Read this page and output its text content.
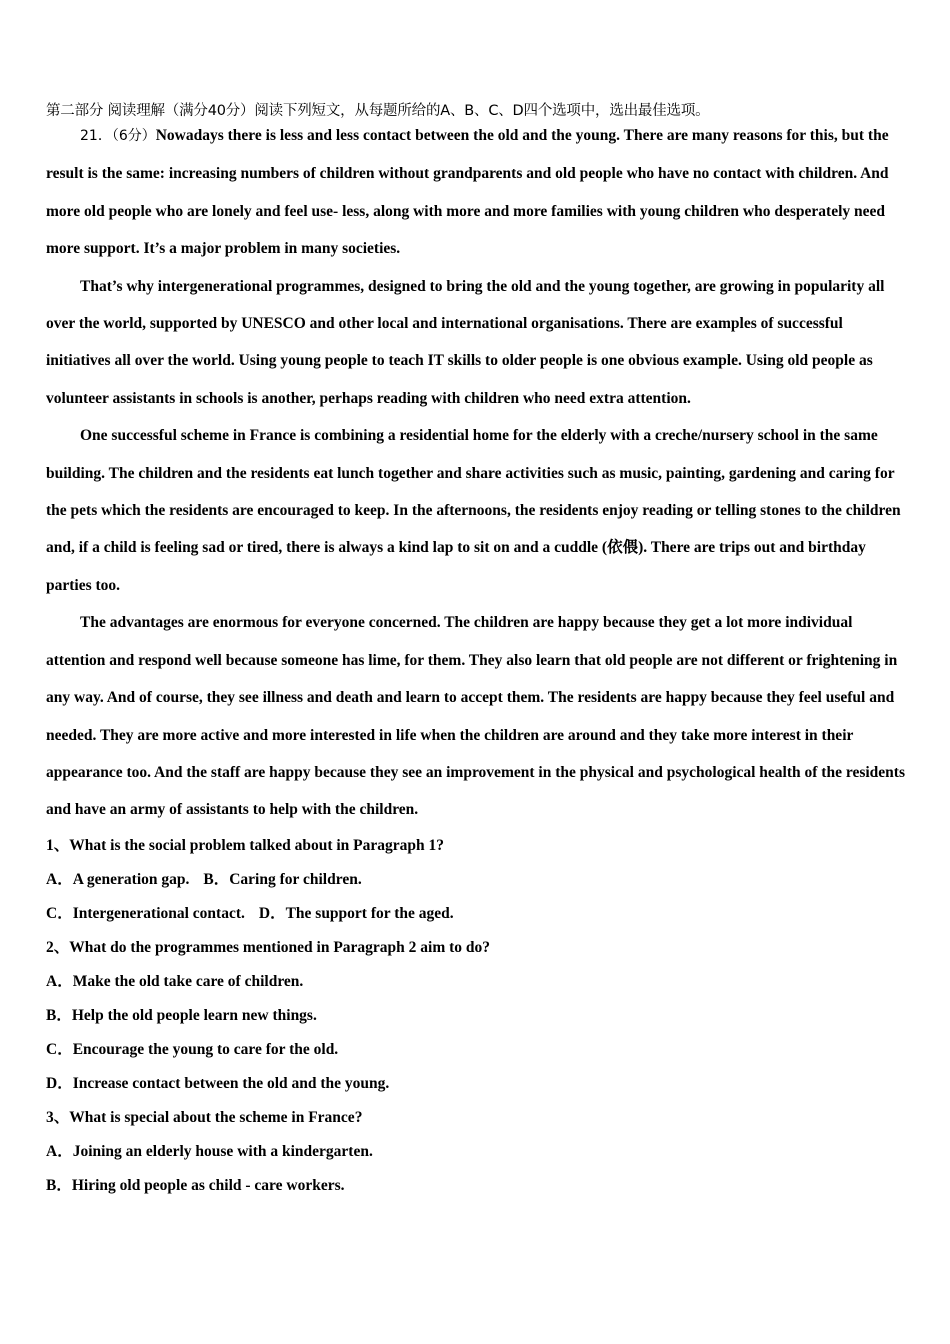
第二部分 阅读理解（满分40分）阅读下列短文，从每题所给的A、B、C、D四个选项中，选出最佳选项。

21．（6分）Nowadays there is less and less contact between the old and the young. There are many reasons for this, but the result is the same: increasing numbers of children without grandparents and old people who have no contact with children. And more old people who are lonely and feel use- less, along with more and more families with young children who desperately need more support. It’s a major problem in many societies.

That’s why intergenerational programmes, designed to bring the old and the young together, are growing in popularity all over the world, supported by UNESCO and other local and international organisations. There are examples of successful initiatives all over the world. Using young people to teach IT skills to older people is one obvious example. Using old people as volunteer assistants in schools is another, perhaps reading with children who need extra attention.

One successful scheme in France is combining a residential home for the elderly with a creche/nursery school in the same building. The children and the residents eat lunch together and share activities such as music, painting, gardening and caring for the pets which the residents are encouraged to keep. In the afternoons, the residents enjoy reading or telling stones to the children and, if a child is feeling sad or tired, there is always a kind lap to sit on and a cuddle (依偎). There are trips out and birthday parties too.

The advantages are enormous for everyone concerned. The children are happy because they get a lot more individual attention and respond well because someone has lime, for them. They also learn that old people are not different or frightening in any way. And of course, they see illness and death and learn to accept them. The residents are happy because they feel useful and needed. They are more active and more interested in life when the children are around and they take more interest in their appearance too. And the staff are happy because they see an improvement in the physical and psychological health of the residents and have an army of assistants to help with the children.

1、What is the social problem talked about in Paragraph 1?
A．A generation gap. B．Caring for children.
C．Intergenerational contact. D．The support for the aged.
2、What do the programmes mentioned in Paragraph 2 aim to do?
A．Make the old take care of children.
B．Help the old people learn new things.
C．Encourage the young to care for the old.
D．Increase contact between the old and the young.
3、What is special about the scheme in France?
A．Joining an elderly house with a kindergarten.
B．Hiring old people as child - care workers.
